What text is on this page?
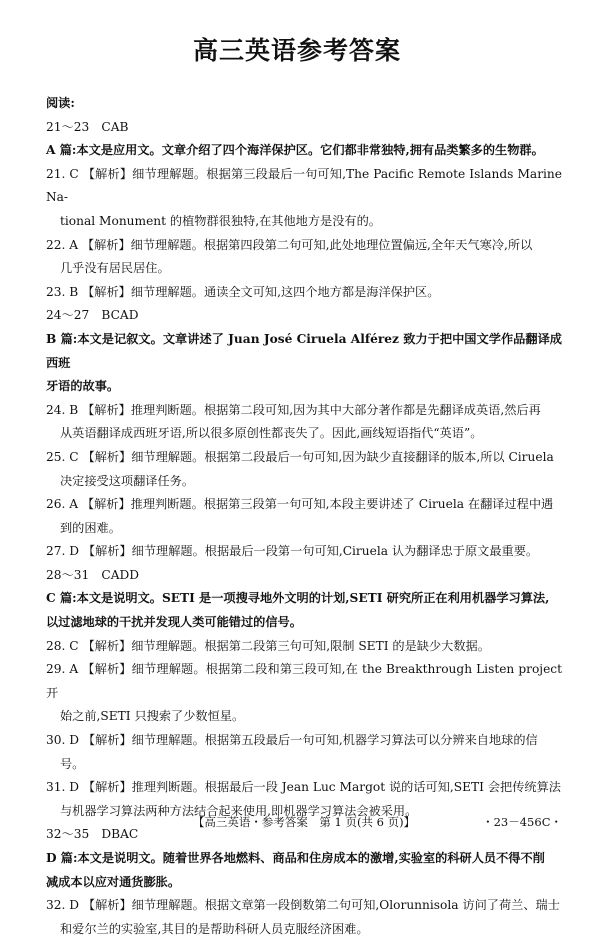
高三英语参考答案

阅读:

21～23　CAB

A 篇:本文是应用文。文章介绍了四个海洋保护区。它们都非常独特,拥有品类繁多的生物群。

21. C 【解析】细节理解题。根据第三段最后一句可知,The Pacific Remote Islands Marine Na-

tional Monument 的植物群很独特,在其他地方是没有的。

22. A 【解析】细节理解题。根据第四段第二句可知,此处地理位置偏远,全年天气寒冷,所以

几乎没有居民居住。

23. B 【解析】细节理解题。通读全文可知,这四个地方都是海洋保护区。

24～27　BCAD

B 篇:本文是记叙文。文章讲述了 Juan José Ciruela Alférez 致力于把中国文学作品翻译成西班

牙语的故事。

24. B 【解析】推理判断题。根据第二段可知,因为其中大部分著作都是先翻译成英语,然后再

从英语翻译成西班牙语,所以很多原创性都丧失了。因此,画线短语指代“英语”。

25. C 【解析】细节理解题。根据第二段最后一句可知,因为缺少直接翻译的版本,所以 Ciruela

决定接受这项翻译任务。

26. A 【解析】推理判断题。根据第三段第一句可知,本段主要讲述了 Ciruela 在翻译过程中遇

到的困难。

27. D 【解析】细节理解题。根据最后一段第一句可知,Ciruela 认为翻译忠于原文最重要。

28～31　CADD

C 篇:本文是说明文。SETI 是一项搜寻地外文明的计划,SETI 研究所正在利用机器学习算法,

以过滤地球的干扰并发现人类可能错过的信号。

28. C 【解析】细节理解题。根据第二段第三句可知,限制 SETI 的是缺少大数据。

29. A 【解析】细节理解题。根据第二段和第三段可知,在 the Breakthrough Listen project 开

始之前,SETI 只搜索了少数恒星。

30. D 【解析】细节理解题。根据第五段最后一句可知,机器学习算法可以分辨来自地球的信

号。

31. D 【解析】推理判断题。根据最后一段 Jean Luc Margot 说的话可知,SETI 会把传统算法

与机器学习算法两种方法结合起来使用,即机器学习算法会被采用。

32～35　DBAC

D 篇:本文是说明文。随着世界各地燃料、商品和住房成本的激增,实验室的科研人员不得不削

减成本以应对通货膨胀。

32. D 【解析】细节理解题。根据文章第一段倒数第二句可知,Olorunnisola 访问了荷兰、瑞士

和爱尔兰的实验室,其目的是帮助科研人员克服经济困难。

【高三英语・参考答案　第 1 页(共 6 页)】	・23－456C・
